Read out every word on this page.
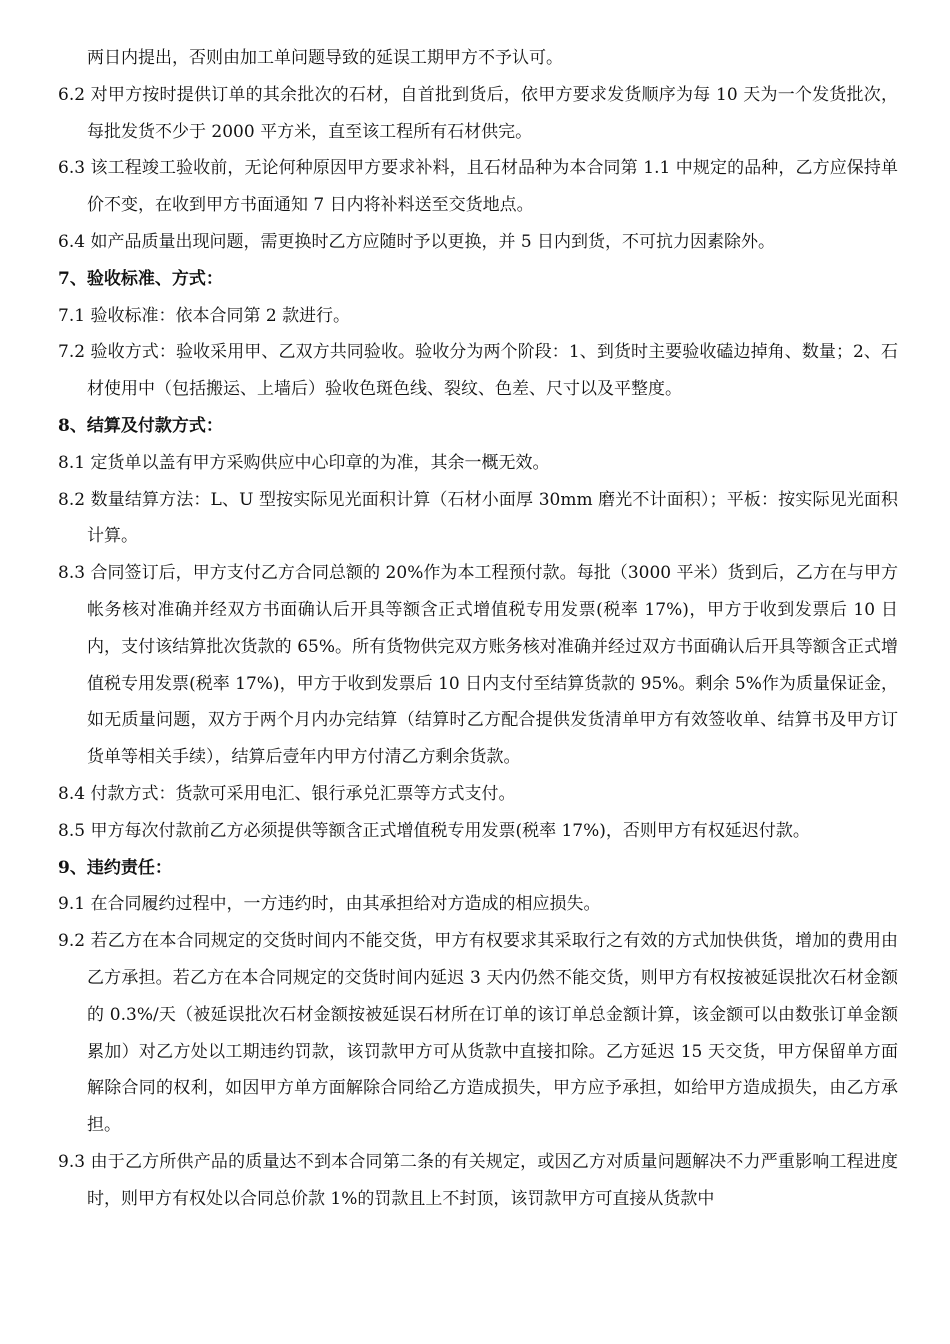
两日内提出，否则由加工单问题导致的延误工期甲方不予认可。

6.2 对甲方按时提供订单的其余批次的石材，自首批到货后，依甲方要求发货顺序为每 10 天为一个发货批次，每批发货不少于 2000 平方米，直至该工程所有石材供完。

6.3 该工程竣工验收前，无论何种原因甲方要求补料，且石材品种为本合同第 1.1 中规定的品种，乙方应保持单价不变，在收到甲方书面通知 7 日内将补料送至交货地点。

6.4 如产品质量出现问题，需更换时乙方应随时予以更换，并 5 日内到货，不可抗力因素除外。

7、验收标准、方式：

7.1 验收标准：依本合同第 2 款进行。

7.2 验收方式：验收采用甲、乙双方共同验收。验收分为两个阶段：1、到货时主要验收磕边掉角、数量；2、石材使用中（包括搬运、上墙后）验收色斑色线、裂纹、色差、尺寸以及平整度。

8、结算及付款方式：

8.1 定货单以盖有甲方采购供应中心印章的为准，其余一概无效。

8.2 数量结算方法：L、U 型按实际见光面积计算（石材小面厚 30mm 磨光不计面积）；平板：按实际见光面积计算。

8.3 合同签订后，甲方支付乙方合同总额的 20%作为本工程预付款。每批（3000 平米）货到后，乙方在与甲方帐务核对准确并经双方书面确认后开具等额含正式增值税专用发票(税率 17%)，甲方于收到发票后 10 日内，支付该结算批次货款的 65%。所有货物供完双方账务核对准确并经过双方书面确认后开具等额含正式增值税专用发票(税率 17%)，甲方于收到发票后 10 日内支付至结算货款的 95%。剩余 5%作为质量保证金，如无质量问题，双方于两个月内办完结算（结算时乙方配合提供发货清单甲方有效签收单、结算书及甲方订货单等相关手续），结算后壹年内甲方付清乙方剩余货款。

8.4 付款方式：货款可采用电汇、银行承兑汇票等方式支付。

8.5 甲方每次付款前乙方必须提供等额含正式增值税专用发票(税率 17%)，否则甲方有权延迟付款。

9、违约责任：

9.1 在合同履约过程中，一方违约时，由其承担给对方造成的相应损失。

9.2 若乙方在本合同规定的交货时间内不能交货，甲方有权要求其采取行之有效的方式加快供货，增加的费用由乙方承担。若乙方在本合同规定的交货时间内延迟 3 天内仍然不能交货，则甲方有权按被延误批次石材金额的 0.3%/天（被延误批次石材金额按被延误石材所在订单的该订单总金额计算，该金额可以由数张订单金额累加）对乙方处以工期违约罚款，该罚款甲方可从货款中直接扣除。乙方延迟 15 天交货，甲方保留单方面解除合同的权利，如因甲方单方面解除合同给乙方造成损失，甲方应予承担，如给甲方造成损失，由乙方承担。

9.3 由于乙方所供产品的质量达不到本合同第二条的有关规定，或因乙方对质量问题解决不力严重影响工程进度时，则甲方有权处以合同总价款 1%的罚款且上不封顶，该罚款甲方可直接从货款中
